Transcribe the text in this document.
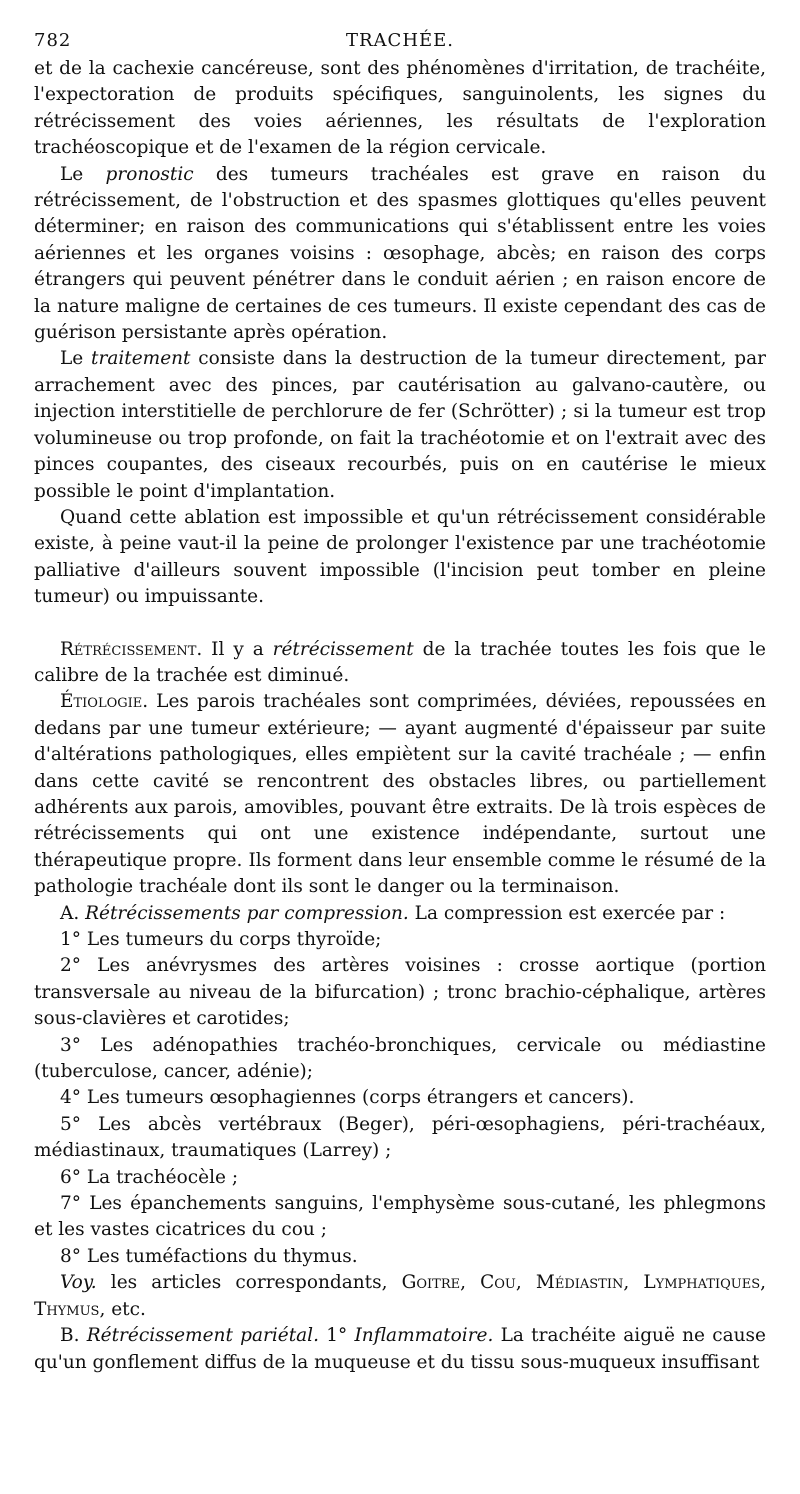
782	TRACHÉE.

et de la cachexie cancéreuse, sont des phénomènes d'irritation, de trachéite, l'expectoration de produits spécifiques, sanguinolents, les signes du rétrécissement des voies aériennes, les résultats de l'exploration trachéoscopique et de l'examen de la région cervicale.

Le pronostic des tumeurs trachéales est grave en raison du rétrécissement, de l'obstruction et des spasmes glottiques qu'elles peuvent déterminer; en raison des communications qui s'établissent entre les voies aériennes et les organes voisins : œsophage, abcès; en raison des corps étrangers qui peuvent pénétrer dans le conduit aérien ; en raison encore de la nature maligne de certaines de ces tumeurs. Il existe cependant des cas de guérison persistante après opération.

Le traitement consiste dans la destruction de la tumeur directement, par arrachement avec des pinces, par cautérisation au galvano-cautère, ou injection interstitielle de perchlorure de fer (Schrötter) ; si la tumeur est trop volumineuse ou trop profonde, on fait la trachéotomie et on l'extrait avec des pinces coupantes, des ciseaux recourbés, puis on en cautérise le mieux possible le point d'implantation.

Quand cette ablation est impossible et qu'un rétrécissement considérable existe, à peine vaut-il la peine de prolonger l'existence par une trachéotomie palliative d'ailleurs souvent impossible (l'incision peut tomber en pleine tumeur) ou impuissante.

Rétrécissement. Il y a rétrécissement de la trachée toutes les fois que le calibre de la trachée est diminué.

Étiologie. Les parois trachéales sont comprimées, déviées, repoussées en dedans par une tumeur extérieure; — ayant augmenté d'épaisseur par suite d'altérations pathologiques, elles empiètent sur la cavité trachéale ; — enfin dans cette cavité se rencontrent des obstacles libres, ou partiellement adhérents aux parois, amovibles, pouvant être extraits. De là trois espèces de rétrécissements qui ont une existence indépendante, surtout une thérapeutique propre. Ils forment dans leur ensemble comme le résumé de la pathologie trachéale dont ils sont le danger ou la terminaison.

A. Rétrécissements par compression. La compression est exercée par :

1° Les tumeurs du corps thyroïde;

2° Les anévrysmes des artères voisines : crosse aortique (portion transversale au niveau de la bifurcation) ; tronc brachio-céphalique, artères sous-clavières et carotides;

3° Les adénopathies trachéo-bronchiques, cervicale ou médiastine (tuberculose, cancer, adénie);

4° Les tumeurs œsophagiennes (corps étrangers et cancers).

5° Les abcès vertébraux (Beger), péri-œsophagiens, péri-trachéaux, médiastinaux, traumatiques (Larrey) ;

6° La trachéocèle ;

7° Les épanchements sanguins, l'emphysème sous-cutané, les phlegmons et les vastes cicatrices du cou ;

8° Les tuméfactions du thymus.

Voy. les articles correspondants, Goitre, Cou, Médiastin, Lymphatiques, Thymus, etc.

B. Rétrécissement pariétal. 1° Inflammatoire. La trachéite aiguë ne cause qu'un gonflement diffus de la muqueuse et du tissu sous-muqueux insuffisant
